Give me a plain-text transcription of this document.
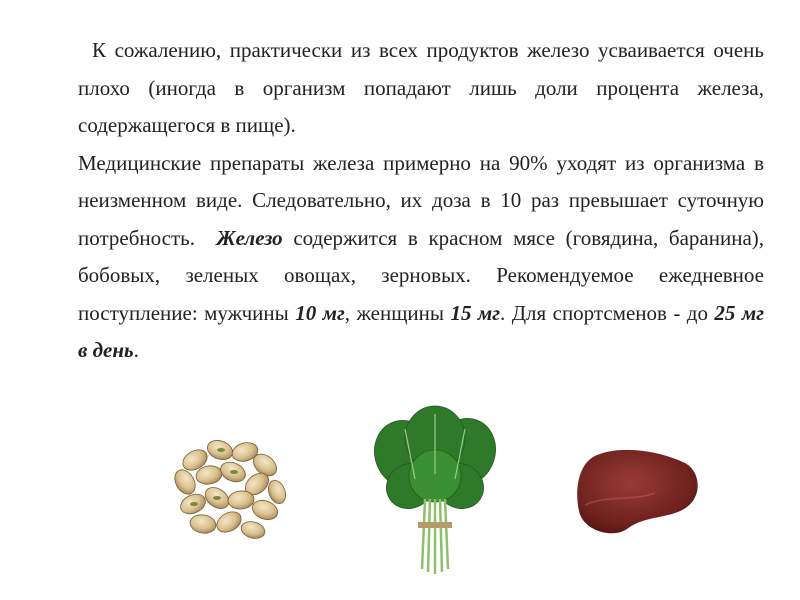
К сожалению, практически из всех продуктов железо усваивается очень плохо (иногда в организм попадают лишь доли процента железа, содержащегося в пище).

Медицинские препараты железа примерно на 90% уходят из организма в неизменном виде. Следовательно, их доза в 10 раз превышает суточную потребность. Железо содержится в красном мясе (говядина, баранина), бобовых, зеленых овощах, зерновых. Рекомендуемое ежедневное поступление: мужчины 10 мг, женщины 15 мг. Для спортсменов - до 25 мг в день.
